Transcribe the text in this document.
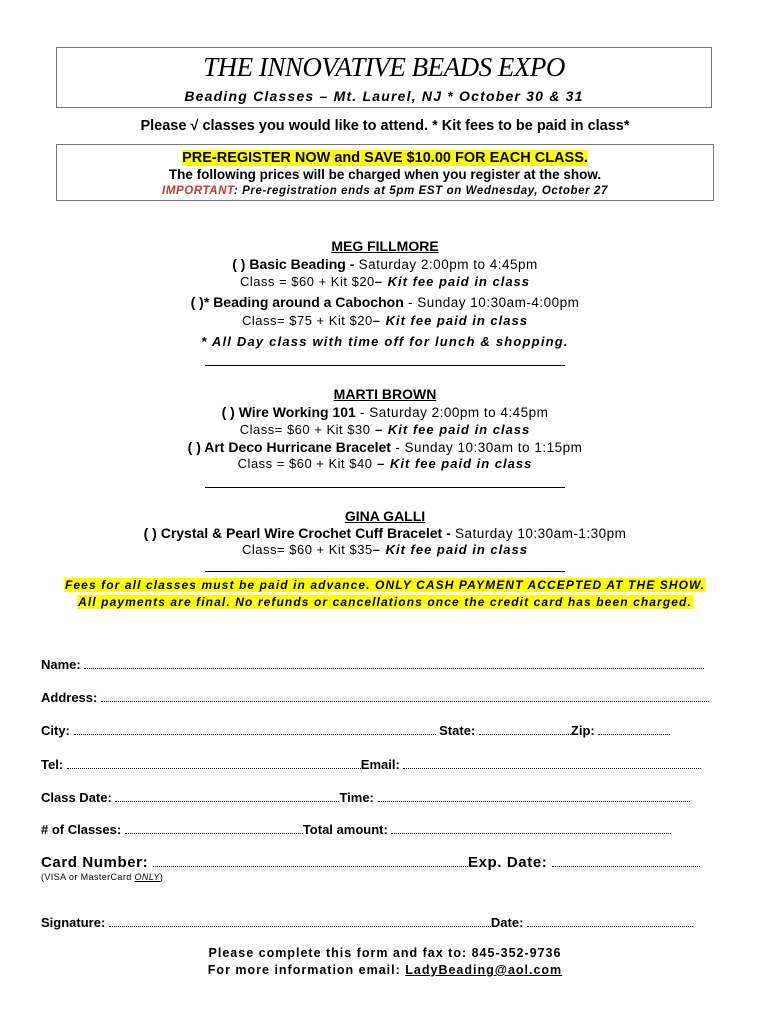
THE INNOVATIVE BEADS EXPO
Beading Classes – Mt. Laurel, NJ * October 30 & 31
Please √ classes you would like to attend. * Kit fees to be paid in class*
PRE-REGISTER NOW and SAVE $10.00 FOR EACH CLASS.
The following prices will be charged when you register at the show.
IMPORTANT: Pre-registration ends at 5pm EST on Wednesday, October 27
MEG FILLMORE
( ) Basic Beading - Saturday 2:00pm to 4:45pm
Class = $60 + Kit $20– Kit fee paid in class
( )* Beading around a Cabochon - Sunday 10:30am-4:00pm
Class= $75 + Kit $20– Kit fee paid in class
* All Day class with time off for lunch & shopping.
MARTI BROWN
( ) Wire Working 101 - Saturday 2:00pm to 4:45pm
Class= $60 + Kit $30 – Kit fee paid in class
( ) Art Deco Hurricane Bracelet - Sunday 10:30am to 1:15pm
Class = $60 + Kit $40 – Kit fee paid in class
GINA GALLI
( ) Crystal & Pearl Wire Crochet Cuff Bracelet - Saturday 10:30am-1:30pm
Class= $60 + Kit $35– Kit fee paid in class
Fees for all classes must be paid in advance. ONLY CASH PAYMENT ACCEPTED AT THE SHOW.
All payments are final. No refunds or cancellations once the credit card has been charged.
Name:
Address:
City:	State:	Zip:
Tel:	Email:
Class Date:	Time:
# of Classes:	Total amount:
Card Number:	Exp. Date:
(VISA or MasterCard ONLY)
Signature:	Date:
Please complete this form and fax to: 845-352-9736
For more information email: LadyBeading@aol.com
